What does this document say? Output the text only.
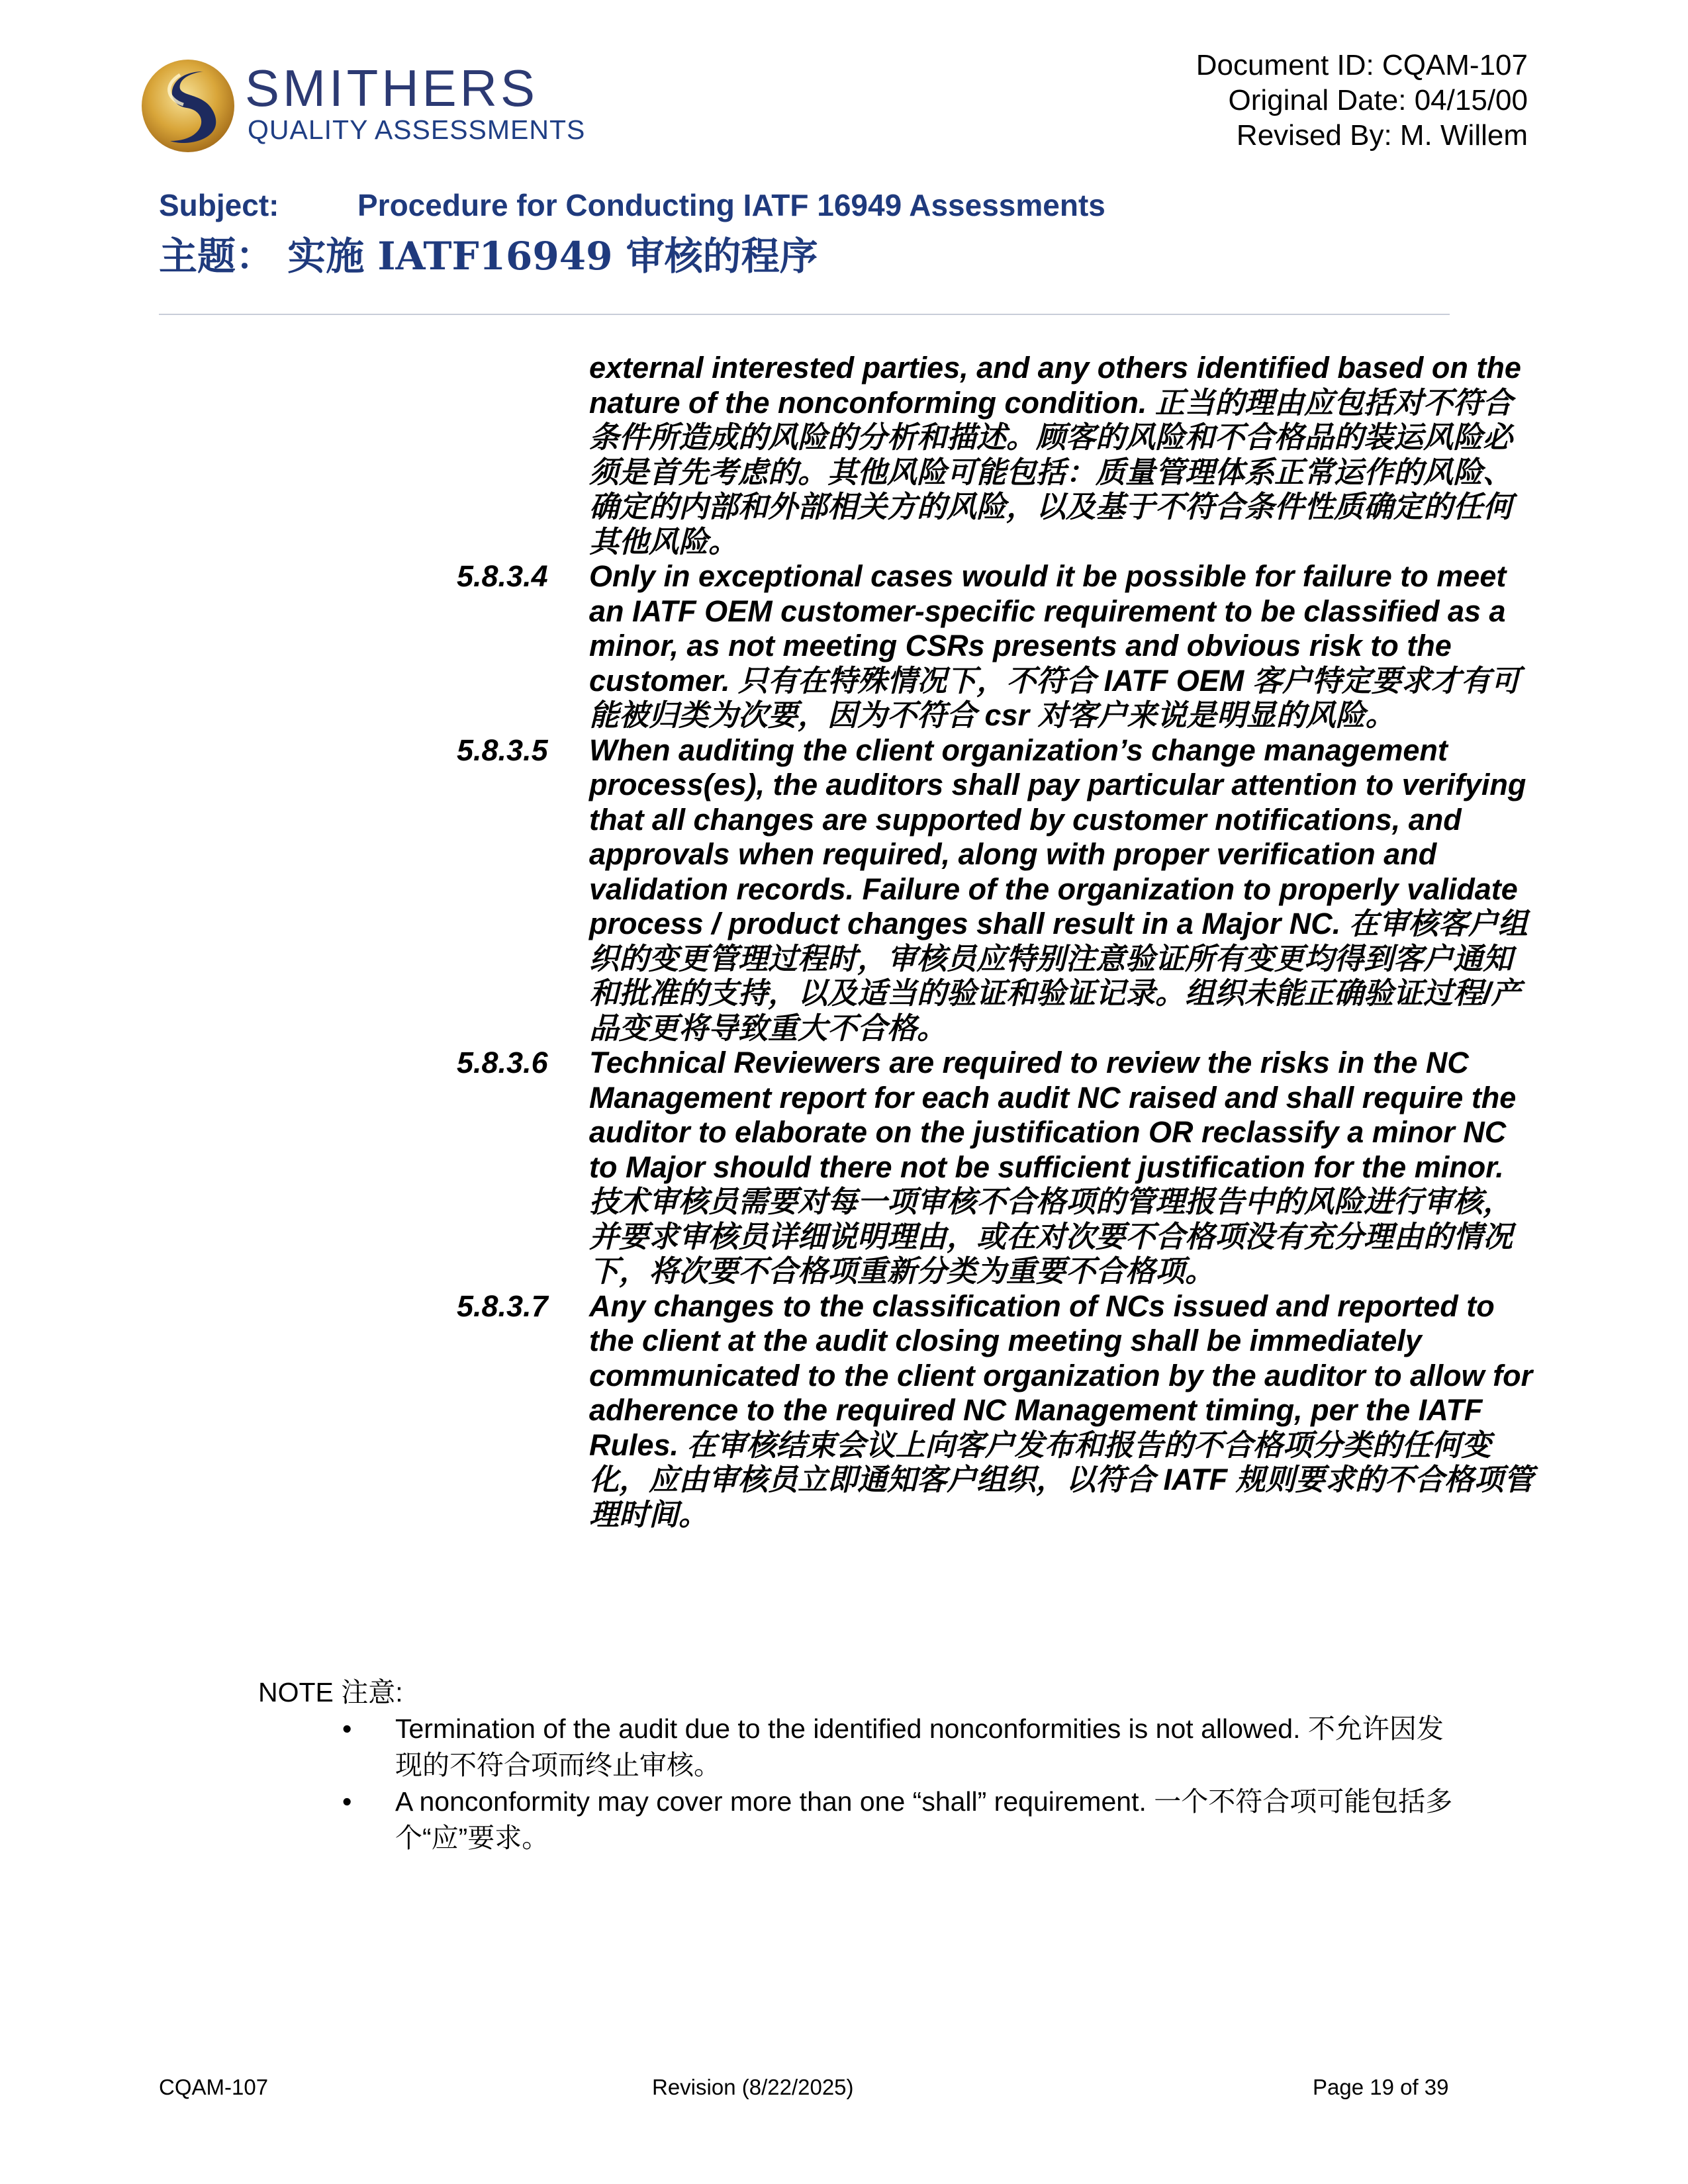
SMITHERS
QUALITY ASSESSMENTS
Document ID: CQAM-107
Original Date: 04/15/00
Revised By: M. Willem
Subject:	Procedure for Conducting IATF 16949 Assessments
主题： 实施 IATF16949 审核的程序
external interested parties, and any others identified based on the nature of the nonconforming condition. 正当的理由应包括对不符合条件所造成的风险的分析和描述。顾客的风险和不合格品的装运风险必须是首先考虑的。其他风险可能包括：质量管理体系正常运作的风险、确定的内部和外部相关方的风险，以及基于不符合条件性质确定的任何其他风险。
5.8.3.4 Only in exceptional cases would it be possible for failure to meet an IATF OEM customer-specific requirement to be classified as a minor, as not meeting CSRs presents and obvious risk to the customer. 只有在特殊情况下，不符合 IATF OEM 客户特定要求才有可能被归类为次要，因为不符合 csr 对客户来说是明显的风险。
5.8.3.5 When auditing the client organization’s change management process(es), the auditors shall pay particular attention to verifying that all changes are supported by customer notifications, and approvals when required, along with proper verification and validation records. Failure of the organization to properly validate process / product changes shall result in a Major NC. 在审核客户组织的变更管理过程时，审核员应特别注意验证所有变更均得到客户通知和批准的支持，以及适当的验证和验证记录。组织未能正确验证过程/产品变更将导致重大不合格。
5.8.3.6 Technical Reviewers are required to review the risks in the NC Management report for each audit NC raised and shall require the auditor to elaborate on the justification OR reclassify a minor NC to Major should there not be sufficient justification for the minor. 技术审核员需要对每一项审核不合格项的管理报告中的风险进行审核，并要求审核员详细说明理由，或在对次要不合格项没有充分理由的情况下，将次要不合格项重新分类为重要不合格项。
5.8.3.7 Any changes to the classification of NCs issued and reported to the client at the audit closing meeting shall be immediately communicated to the client organization by the auditor to allow for adherence to the required NC Management timing, per the IATF Rules. 在审核结束会议上向客户发布和报告的不合格项分类的任何变化，应由审核员立即通知客户组织，以符合 IATF 规则要求的不合格项管理时间。
NOTE 注意:
• Termination of the audit due to the identified nonconformities is not allowed. 不允许因发现的不符合项而终止审核。
• A nonconformity may cover more than one “shall” requirement. 一个不符合项可能包括多个“应”要求。
CQAM-107	Revision (8/22/2025)	Page 19 of 39
